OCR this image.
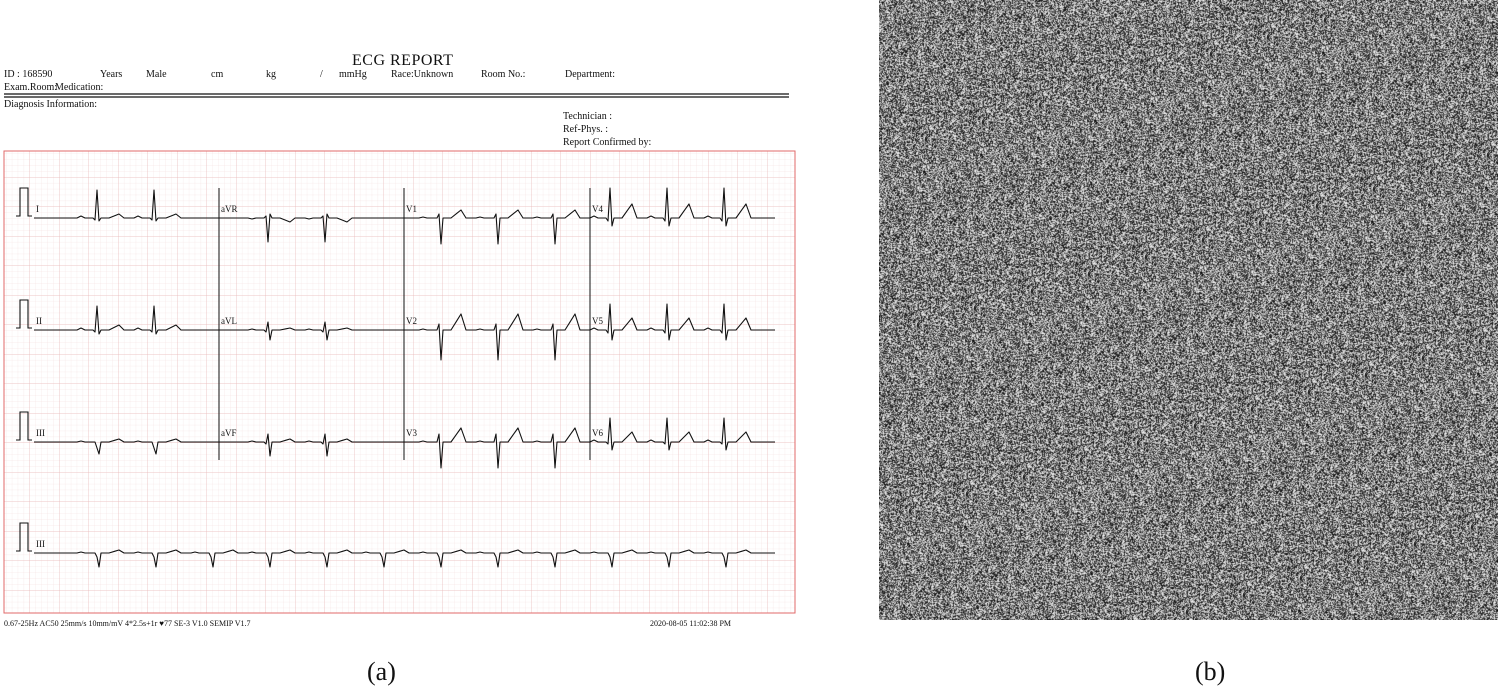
ECG REPORT
ID : 168590	Years Male	cm	kg	/ mmHg Race:Unknown	Room No.:	Department:
Exam.Room:
Medication:
Diagnosis Information:
Technician :
Ref-Phys. :
Report Confirmed by:
I	aVR	V1	V4
II	aVL	V2	V5
III	aVF	V3	V6
III
0.67-25Hz AC50 25mm/s 10mm/mV 4*2.5s+1r ♥77 SE-3 V1.0 SEMIP V1.7	2020-08-05 11:02:38 PM
(a)	(b)
